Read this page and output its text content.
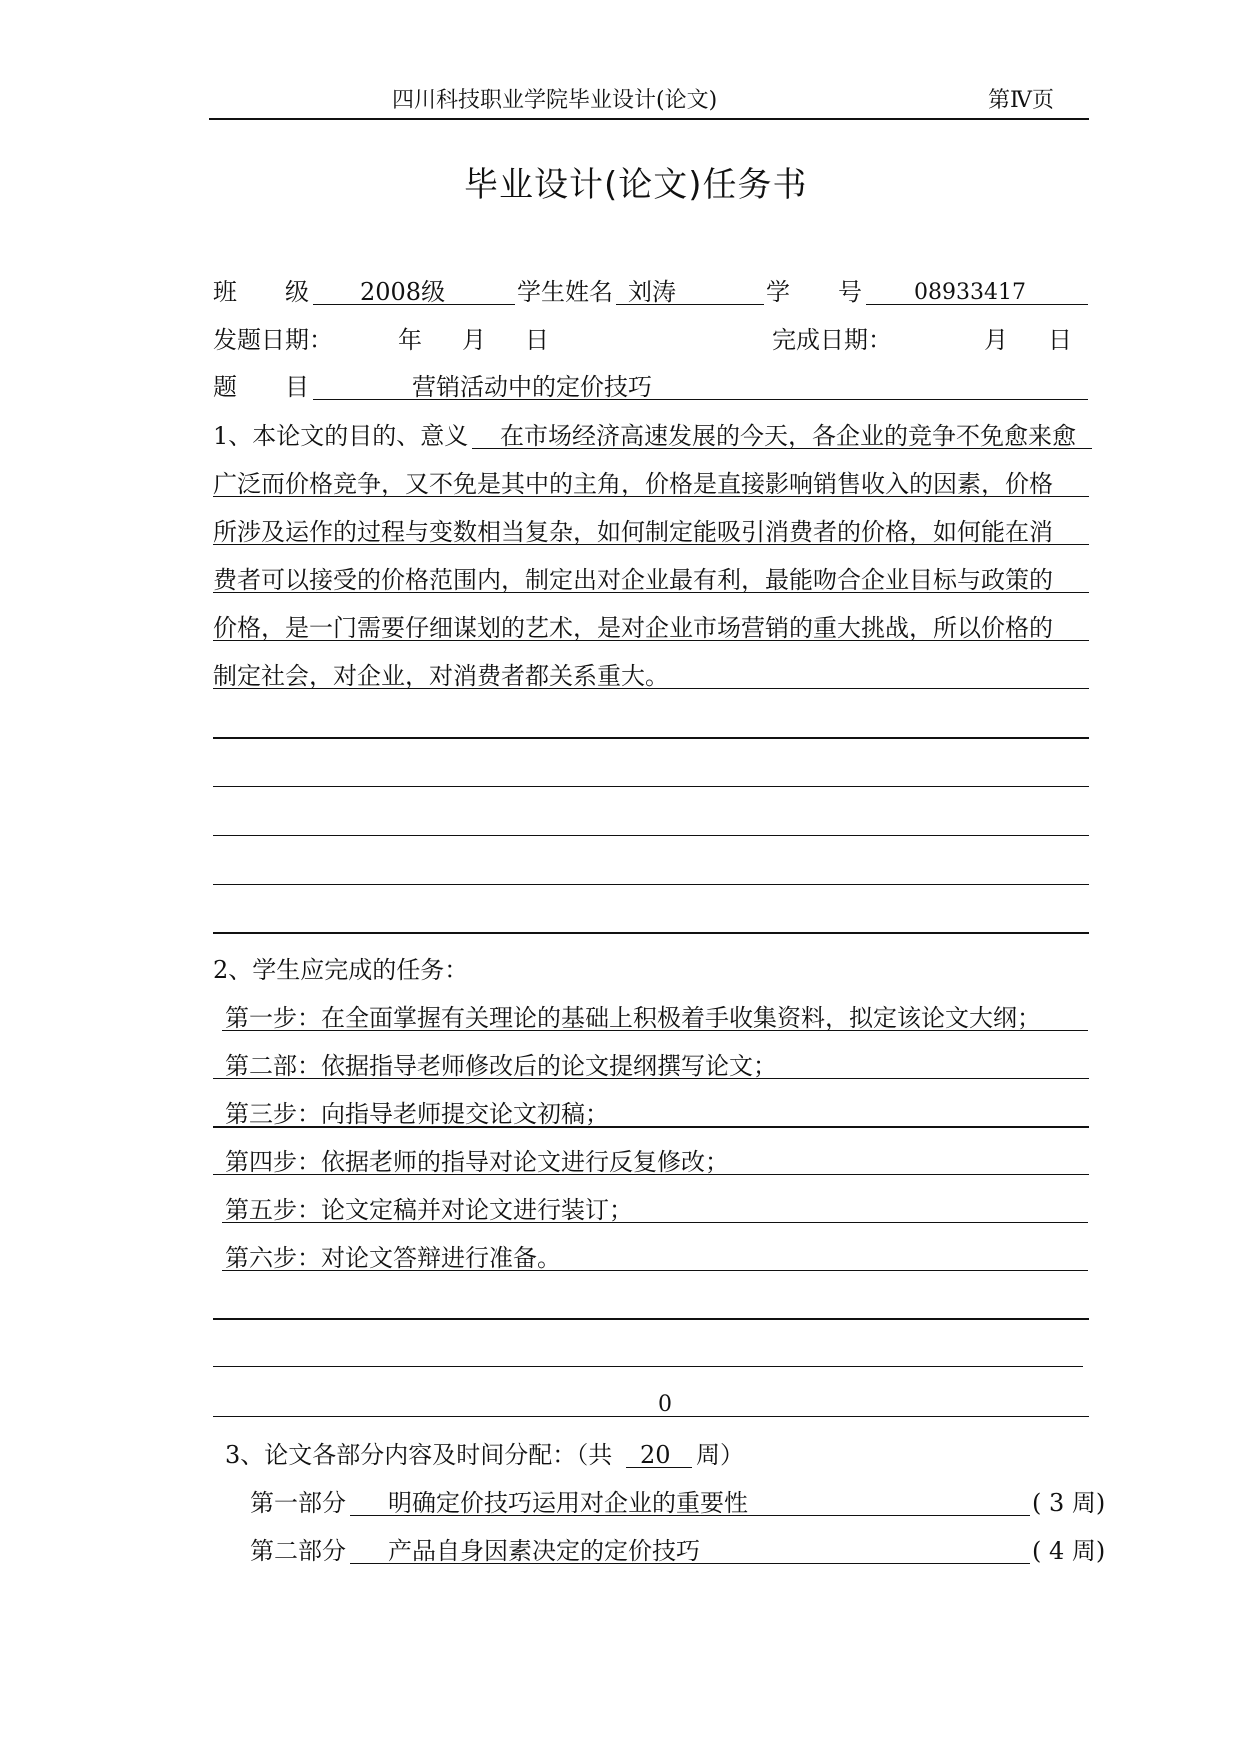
四川科技职业学院毕业设计(论文)	第Ⅳ页
毕业设计(论文)任务书
班　　级 2008级	学生姓名 刘涛	学　　号 08933417
发题日期：	年 月 日	完成日期：	月 日
题　　目	营销活动中的定价技巧
1、本论文的目的、意义 在市场经济高速发展的今天，各企业的竞争不免愈来愈
广泛而价格竞争，又不免是其中的主角，价格是直接影响销售收入的因素，价格
所涉及运作的过程与变数相当复杂，如何制定能吸引消费者的价格，如何能在消
费者可以接受的价格范围内，制定出对企业最有利，最能吻合企业目标与政策的
价格，是一门需要仔细谋划的艺术，是对企业市场营销的重大挑战，所以价格的
制定社会，对企业，对消费者都关系重大。
2、学生应完成的任务：
第一步：在全面掌握有关理论的基础上积极着手收集资料，拟定该论文大纲；
第二部：依据指导老师修改后的论文提纲撰写论文；
第三步：向指导老师提交论文初稿；
第四步：依据老师的指导对论文进行反复修改；
第五步：论文定稿并对论文进行装订；
第六步：对论文答辩进行准备。
0
3、论文各部分内容及时间分配：（共 20 周）
第一部分 明确定价技巧运用对企业的重要性	( 3 周)
第二部分 产品自身因素决定的定价技巧	( 4 周)
